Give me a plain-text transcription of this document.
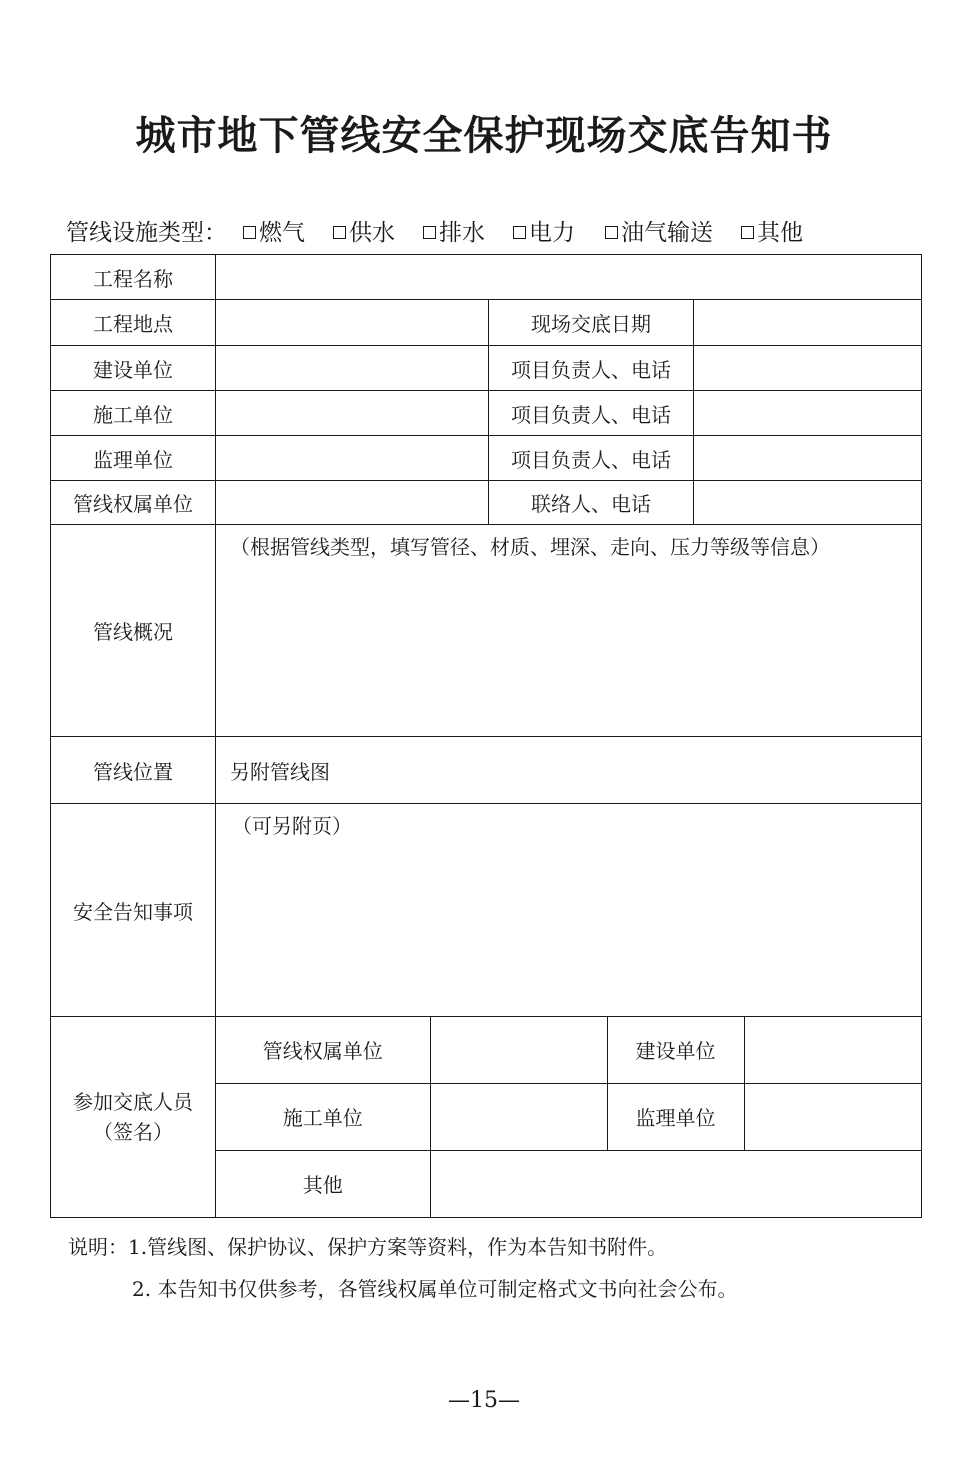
城市地下管线安全保护现场交底告知书
管线设施类型： 燃气 供水 排水 电力 油气输送 其他
工程名称	
工程地点		现场交底日期	
建设单位		项目负责人、电话	
施工单位		项目负责人、电话	
监理单位		项目负责人、电话	
管线权属单位		联络人、电话	
管线概况	（根据管线类型，填写管径、材质、埋深、走向、压力等级等信息）
管线位置	另附管线图
安全告知事项	（可另附页）

参加交底人员
（签名）

管线权属单位		建设单位	
施工单位		监理单位	
其他	
说明：1.管线图、保护协议、保护方案等资料，作为本告知书附件。
2. 本告知书仅供参考，各管线权属单位可制定格式文书向社会公布。
—15—
